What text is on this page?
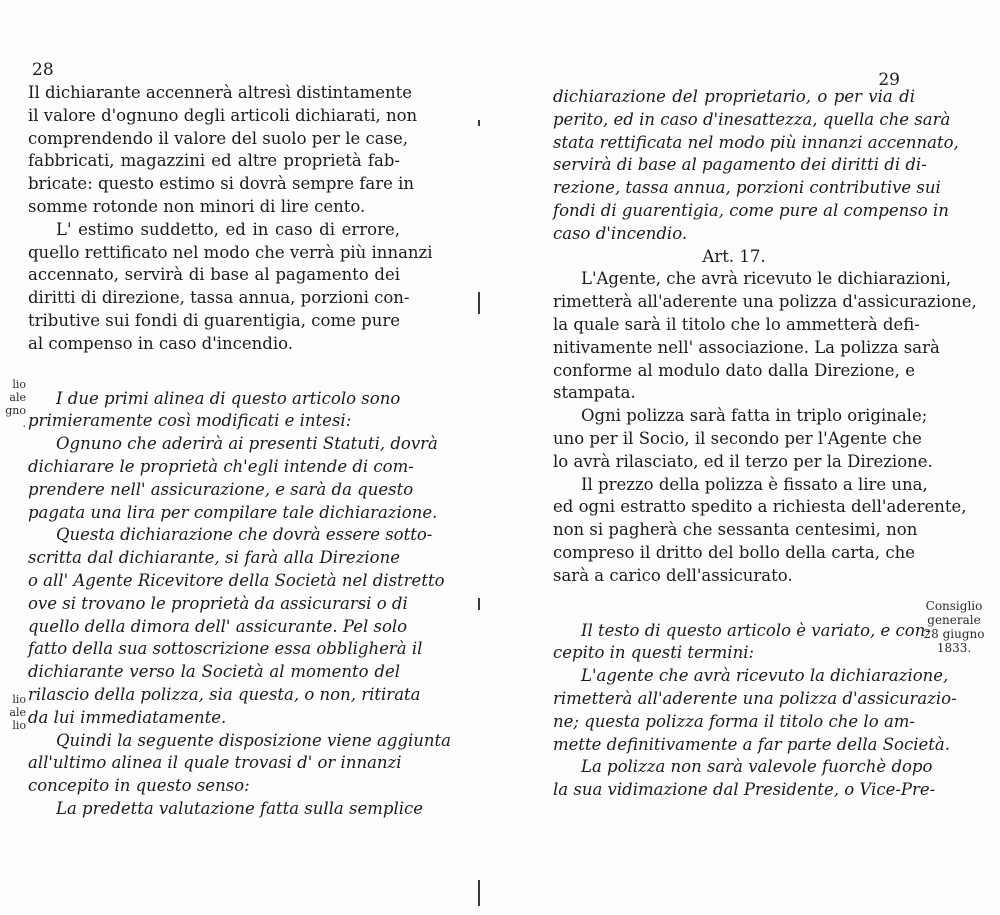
28
lio
ale
gno
.
lio
ale
lio
Il dichiarante accennerà altresì distintamente
il valore d'ognuno degli articoli dichiarati, non
comprendendo il valore del suolo per le case,
fabbricati, magazzini ed altre proprietà fab-
bricate: questo estimo si dovrà sempre fare in
somme rotonde non minori di lire cento.
L' estimo suddetto, ed in caso di errore,
quello rettificato nel modo che verrà più innanzi
accennato, servirà di base al pagamento dei
diritti di direzione, tassa annua, porzioni con-
tributive sui fondi di guarentigia, come pure
al compenso in caso d'incendio.
I due primi alinea di questo articolo sono
primieramente così modificati e intesi:
Ognuno che aderirà ai presenti Statuti, dovrà
dichiarare le proprietà ch'egli intende di com-
prendere nell' assicurazione, e sarà da questo
pagata una lira per compilare tale dichiarazione.
Questa dichiarazione che dovrà essere sotto-
scritta dal dichiarante, si farà alla Direzione
o all' Agente Ricevitore della Società nel distretto
ove si trovano le proprietà da assicurarsi o di
quello della dimora dell' assicurante. Pel solo
fatto della sua sottoscrizione essa obbligherà il
dichiarante verso la Società al momento del
rilascio della polizza, sia questa, o non, ritirata
da lui immediatamente.
Quindi la seguente disposizione viene aggiunta
all'ultimo alinea il quale trovasi d' or innanzi
concepito in questo senso:
La predetta valutazione fatta sulla semplice
29
Consiglio
generale
28 giugno
1833.
dichiarazione del proprietario, o per via di
perito, ed in caso d'inesattezza, quella che sarà
stata rettificata nel modo più innanzi accennato,
servirà di base al pagamento dei diritti di di-
rezione, tassa annua, porzioni contributive sui
fondi di guarentigia, come pure al compenso in
caso d'incendio.
Art. 17.
L'Agente, che avrà ricevuto le dichiarazioni,
rimetterà all'aderente una polizza d'assicurazione,
la quale sarà il titolo che lo ammetterà defi-
nitivamente nell' associazione. La polizza sarà
conforme al modulo dato dalla Direzione, e
stampata.
Ogni polizza sarà fatta in triplo originale;
uno per il Socio, il secondo per l'Agente che
lo avrà rilasciato, ed il terzo per la Direzione.
Il prezzo della polizza è fissato a lire una,
ed ogni estratto spedito a richiesta dell'aderente,
non si pagherà che sessanta centesimi, non
compreso il dritto del bollo della carta, che
sarà a carico dell'assicurato.
Il testo di questo articolo è variato, e con-
cepito in questi termini:
L'agente che avrà ricevuto la dichiarazione,
rimetterà all'aderente una polizza d'assicurazio-
ne; questa polizza forma il titolo che lo am-
mette definitivamente a far parte della Società.
La polizza non sarà valevole fuorchè dopo
la sua vidimazione dal Presidente, o Vice-Pre-
